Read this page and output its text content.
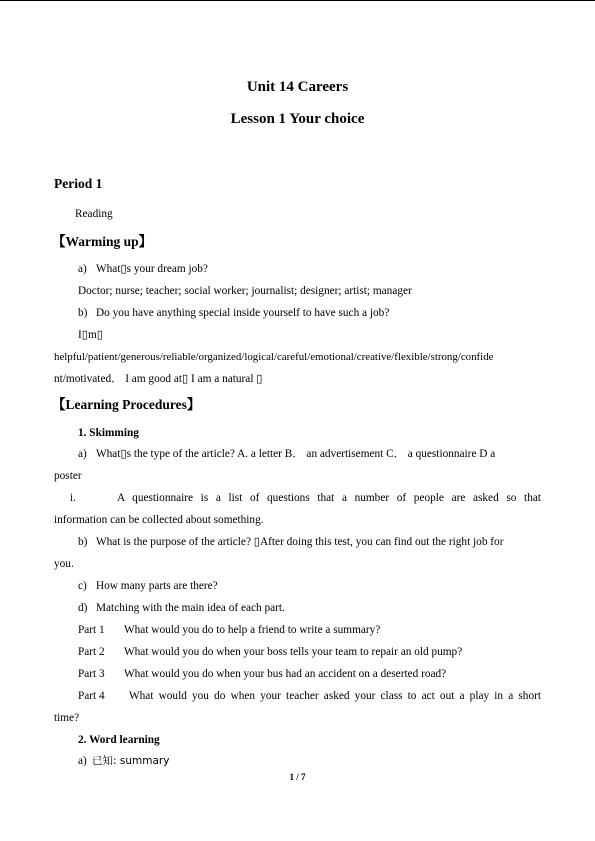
Unit 14 Careers
Lesson 1 Your choice
Period 1
Reading
【Warming up】
a) What▯s your dream job?
Doctor; nurse; teacher; social worker; journalist; designer; artist; manager
b) Do you have anything special inside yourself to have such a job?
I▯m▯
helpful/patient/generous/reliable/organized/logical/careful/emotional/creative/flexible/strong/confide
nt/motivated． I am good at▯ I am a natural ▯
【Learning Procedures】
1. Skimming
a) What▯s the type of the article? A. a letter B． an advertisement C． a questionnaire D a
poster
i.	A questionnaire is a list of questions that a number of people are asked so that
information can be collected about something.
b) What is the purpose of the article? ▯After doing this test, you can find out the right job for
you.
c) How many parts are there?
d) Matching with the main idea of each part.
Part 1 What would you do to help a friend to write a summary?
Part 2 What would you do when your boss tells your team to repair an old pump?
Part 3 What would you do when your bus had an accident on a deserted road?
Part 4 What would you do when your teacher asked your class to act out a play in a short
time?
2. Word learning
a) 已知: summary
1 / 7
